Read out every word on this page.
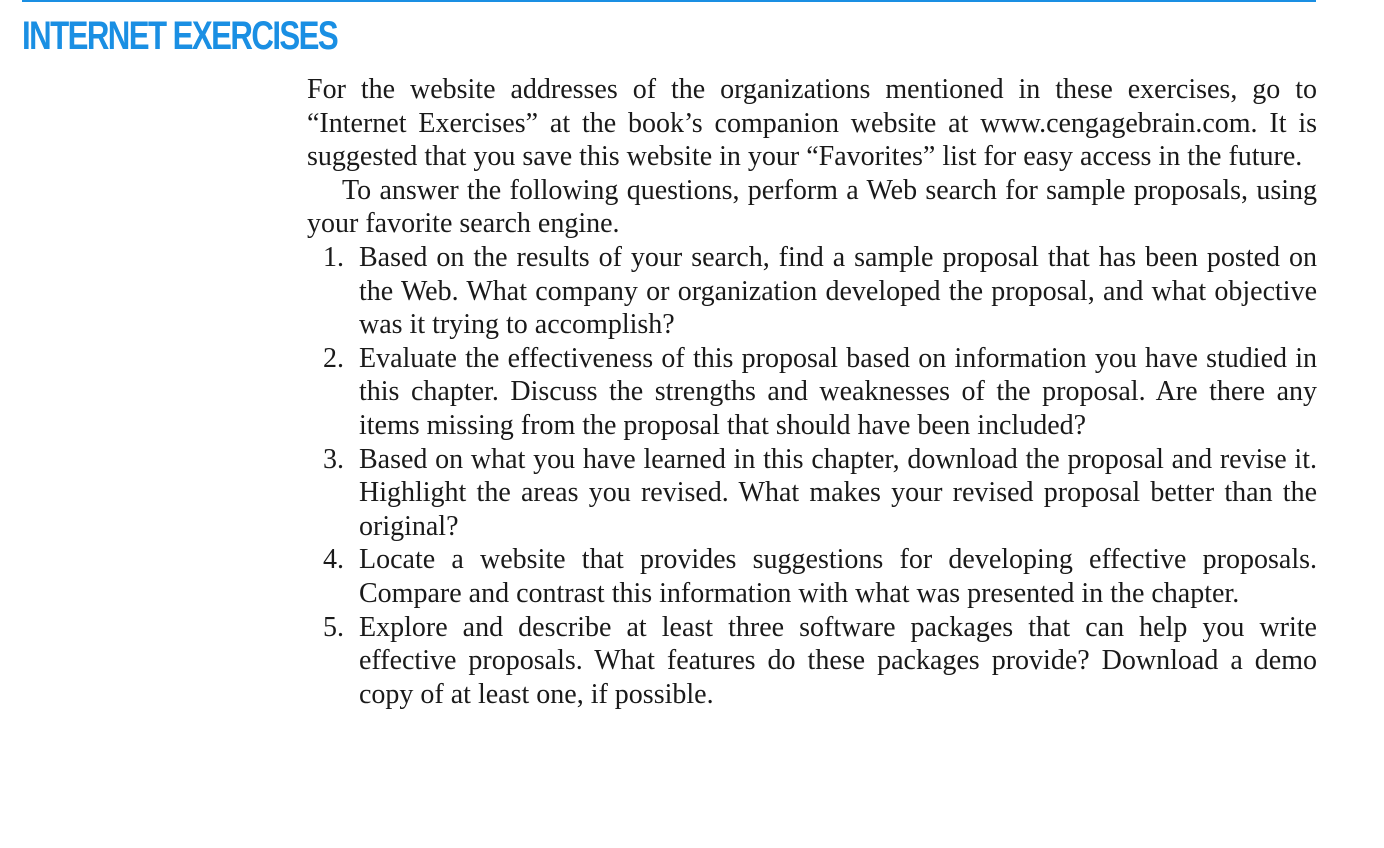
INTERNET EXERCISES

For the website addresses of the organizations mentioned in these exercises, go to “Internet Exercises” at the book’s companion website at www.cengagebrain.com. It is suggested that you save this website in your “Favorites” list for easy access in the future.

To answer the following questions, perform a Web search for sample proposals, using your favorite search engine.

1. Based on the results of your search, find a sample proposal that has been posted on the Web. What company or organization developed the proposal, and what objective was it trying to accomplish?
2. Evaluate the effectiveness of this proposal based on information you have studied in this chapter. Discuss the strengths and weaknesses of the proposal. Are there any items missing from the proposal that should have been included?
3. Based on what you have learned in this chapter, download the proposal and revise it. Highlight the areas you revised. What makes your revised proposal better than the original?
4. Locate a website that provides suggestions for developing effective proposals. Compare and contrast this information with what was presented in the chapter.
5. Explore and describe at least three software packages that can help you write effective proposals. What features do these packages provide? Download a demo copy of at least one, if possible.
